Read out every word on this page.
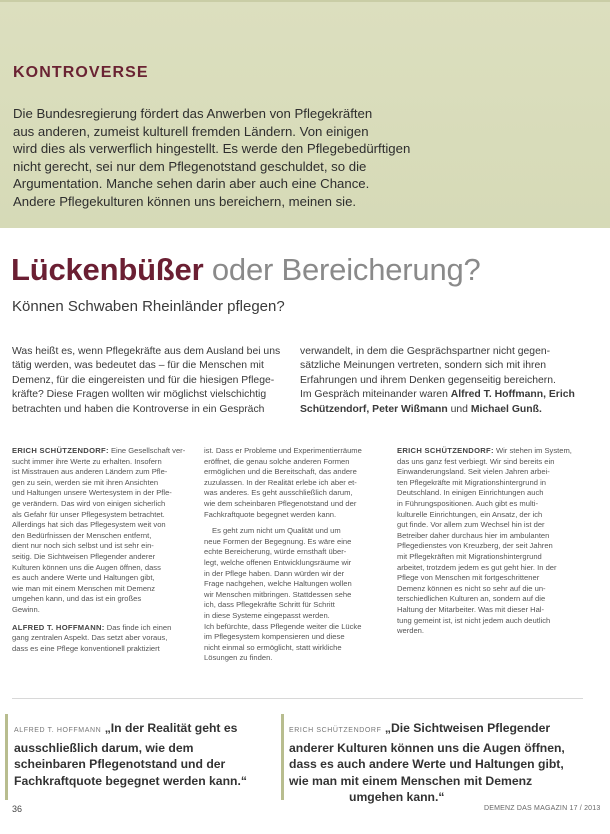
KONTROVERSE
Die Bundesregierung fördert das Anwerben von Pflegekräften
aus anderen, zumeist kulturell fremden Ländern. Von einigen
wird dies als verwerflich hingestellt. Es werde den Pflegebedürftigen
nicht gerecht, sei nur dem Pflegenotstand geschuldet, so die
Argumentation. Manche sehen darin aber auch eine Chance.
Andere Pflegekulturen können uns bereichern, meinen sie.
Lückenbüßer oder Bereicherung?
Können Schwaben Rheinländer pflegen?
Was heißt es, wenn Pflegekräfte aus dem Ausland bei uns
tätig werden, was bedeutet das – für die Menschen mit
Demenz, für die eingereisten und für die hiesigen Pflege-
kräfte? Diese Fragen wollten wir möglichst vielschichtig
betrachten und haben die Kontroverse in ein Gespräch
verwandelt, in dem die Gesprächspartner nicht gegen-
sätzliche Meinungen vertreten, sondern sich mit ihren
Erfahrungen und ihrem Denken gegenseitig bereichern.
Im Gespräch miteinander waren Alfred T. Hoffmann, Erich
Schützendorf, Peter Wißmann und Michael Gunß.
ERICH SCHÜTZENDORF: Eine Gesellschaft ver-
sucht immer ihre Werte zu erhalten. Insofern
ist Misstrauen aus anderen Ländern zum Pfle-
gen zu sein, werden sie mit ihren Ansichten
und Haltungen unsere Wertesystem in der Pfle-
ge verändern. Das wird von einigen sicherlich
als Gefahr für unser Pflegesystem betrachtet.
Allerdings hat sich das Pflegesystem weit von
den Bedürfnissen der Menschen entfernt,
dient nur noch sich selbst und ist sehr ein-
seitig. Die Sichtweisen Pflegender anderer
Kulturen können uns die Augen öffnen, dass
es auch andere Werte und Haltungen gibt,
wie man mit einem Menschen mit Demenz
umgehen kann, und das ist ein großes
Gewinn.
ALFRED T. HOFFMANN: Das finde ich einen
gang zentralen Aspekt. Das setzt aber voraus,
dass es eine Pflege konventionell praktiziert
ist. Dass er Probleme und Experimentierräume
eröffnet, die genau solche anderen Formen
ermöglichen und die Bereitschaft, das andere
zuzulassen. In der Realität erlebe ich aber et-
was anderes. Es geht ausschließlich darum,
wie dem scheinbaren Pflegenotstand und der
Fachkraftquote begegnet werden kann.
Es geht zum nicht um Qualität und um
neue Formen der Begegnung. Es wäre eine
echte Bereicherung, würde ernsthaft über-
legt, welche offenen Entwicklungsräume wir
in der Pflege haben. Dann würden wir der
Frage nachgehen, welche Haltungen wollen
wir Menschen mitbringen. Stattdessen sehe
ich, dass Pflegekräfte Schritt für Schritt
in diese Systeme eingepasst werden.
Ich befürchte, dass Pflegende weiter die Lücke
im Pflegesystem kompensieren und diese
nicht einmal so ermöglicht, statt wirkliche
Lösungen zu finden.
ERICH SCHÜTZENDORF: Wir stehen im System,
das uns ganz fest verbiegt. Wir sind bereits ein
Einwanderungsland. Seit vielen Jahren arbei-
ten Pflegekräfte mit Migrationshintergrund in
Deutschland. In einigen Einrichtungen auch
in Führungspositionen. Auch gibt es multi-
kulturelle Einrichtungen, ein Ansatz, der ich
gut finde. Vor allem zum Wechsel hin ist der
Betreiber daher durchaus hier im ambulanten
Pflegedienstes von Kreuzberg, der seit Jahren
mit Pflegekräften mit Migrationshintergrund
arbeitet, trotzdem jedem es gut geht hier. In der
Pflege von Menschen mit fortgeschrittener
Demenz können es nicht so sehr auf die un-
terschiedlichen Kulturen an, sondern auf die
Haltung der Mitarbeiter. Was mit dieser Hal-
tung gemeint ist, ist nicht jedem auch deutlich
werden.
ALFRED T. HOFFMANN „In der Realität geht es
ausschließlich darum, wie dem
scheinbaren Pflegenotstand und der
Fachkraftquote begegnet werden kann.“
ERICH SCHÜTZENDORF „Die Sichtweisen Pflegender
anderer Kulturen können uns die Augen öffnen,
dass es auch andere Werte und Haltungen gibt,
wie man mit einem Menschen mit Demenz
umgehen kann.“
36	DEMENZ DAS MAGAZIN 17 / 2013
